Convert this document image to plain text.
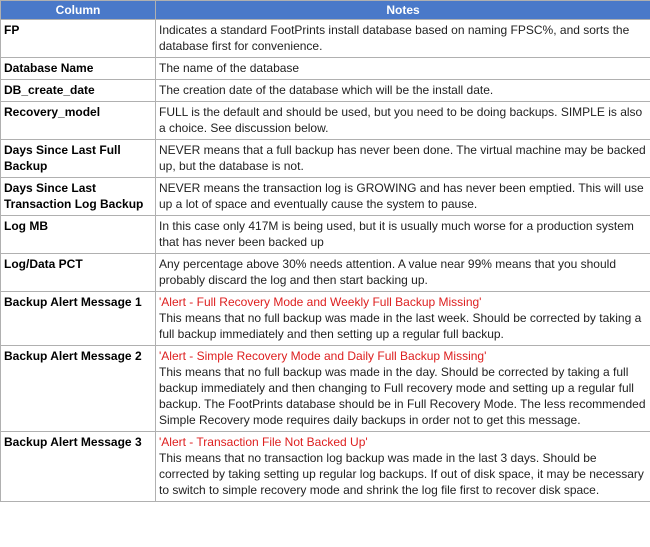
Column	Notes
FP	Indicates a standard FootPrints install database based on naming FPSC%, and sorts the database first for convenience.
Database Name	The name of the database
DB_create_date	The creation date of the database which will be the install date.
Recovery_model	FULL is the default and should be used, but you need to be doing backups. SIMPLE is also a choice. See discussion below.
Days Since Last Full Backup	NEVER means that a full backup has never been done. The virtual machine may be backed up, but the database is not.
Days Since Last Transaction Log Backup	NEVER means the transaction log is GROWING and has never been emptied. This will use up a lot of space and eventually cause the system to pause.
Log MB	In this case only 417M is being used, but it is usually much worse for a production system that has never been backed up
Log/Data PCT	Any percentage above 30% needs attention. A value near 99% means that you should probably discard the log and then start backing up.
Backup Alert Message 1	'Alert - Full Recovery Mode and Weekly Full Backup Missing'
This means that no full backup was made in the last week. Should be corrected by taking a full backup immediately and then setting up a regular full backup.

Backup Alert Message 2	'Alert - Simple Recovery Mode and Daily Full Backup Missing'
This means that no full backup was made in the day. Should be corrected by taking a full backup immediately and then changing to Full recovery mode and setting up a regular full backup. The FootPrints database should be in Full Recovery Mode. The less recommended Simple Recovery mode requires daily backups in order not to get this message.

Backup Alert Message 3	'Alert - Transaction File Not Backed Up'
This means that no transaction log backup was made in the last 3 days. Should be corrected by taking setting up regular log backups. If out of disk space, it may be necessary to switch to simple recovery mode and shrink the log file first to recover disk space.
